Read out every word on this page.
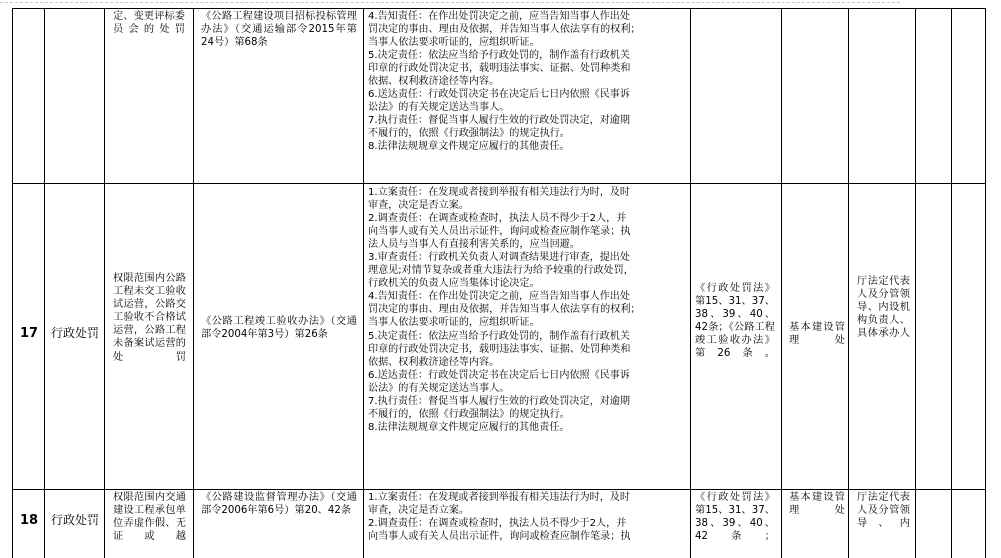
定、变更评标委员会的处罚
《公路工程建设项目招标投标管理办法》（交通运输部令2015年第24号）第68条
4.告知责任：在作出处罚决定之前，应当告知当事人作出处
罚决定的事由、理由及依据，并告知当事人依法享有的权利；
当事人依法要求听证的，应组织听证。
5.决定责任：依法应当给予行政处罚的，制作盖有行政机关
印章的行政处罚决定书，载明违法事实、证据、处罚种类和
依据、权利救济途径等内容。
6.送达责任：行政处罚决定书在决定后七日内依照《民事诉
讼法》的有关规定送达当事人。
7.执行责任：督促当事人履行生效的行政处罚决定，对逾期
不履行的，依照《行政强制法》的规定执行。
8.法律法规规章文件规定应履行的其他责任。
17	行政处罚
权限范围内公路工程未交工验收试运营，公路交工验收不合格试运营，公路工程未备案试运营的处罚
《公路工程竣工验收办法》（交通部令2004年第3号）第26条
1.立案责任：在发现或者接到举报有相关违法行为时，及时
审查，决定是否立案。
2.调查责任：在调查或检查时，执法人员不得少于2人，并
向当事人或有关人员出示证件，询问或检查应制作笔录；执
法人员与当事人有直接利害关系的，应当回避。
3.审查责任：行政机关负责人对调查结果进行审查，提出处
理意见;对情节复杂或者重大违法行为给予较重的行政处罚，
行政机关的负责人应当集体讨论决定。
4.告知责任：在作出处罚决定之前，应当告知当事人作出处
罚决定的事由、理由及依据，并告知当事人依法享有的权利；
当事人依法要求听证的，应组织听证。
5.决定责任：依法应当给予行政处罚的，制作盖有行政机关
印章的行政处罚决定书，载明违法事实、证据、处罚种类和
依据、权利救济途径等内容。
6.送达责任：行政处罚决定书在决定后七日内依照《民事诉
讼法》的有关规定送达当事人。
7.执行责任：督促当事人履行生效的行政处罚决定，对逾期
不履行的，依照《行政强制法》的规定执行。
8.法律法规规章文件规定应履行的其他责任。
《行政处罚法》第15、31、37、38、39、40、42条；《公路工程竣工验收办法》第26条。
基本建设管理处
厅法定代表人及分管领导、内设机构负责人、具体承办人
18	行政处罚
权限范围内交通建设工程承包单位弄虚作假、无证或越
《公路建设监督管理办法》（交通部令2006年第6号）第20、42条
1.立案责任：在发现或者接到举报有相关违法行为时，及时
审查，决定是否立案。
2.调查责任：在调查或检查时，执法人员不得少于2人，并
向当事人或有关人员出示证件，询问或检查应制作笔录；执
《行政处罚法》第15、31、37、38、39、40、42条；
基本建设管理处
厅法定代表人及分管领导、内
